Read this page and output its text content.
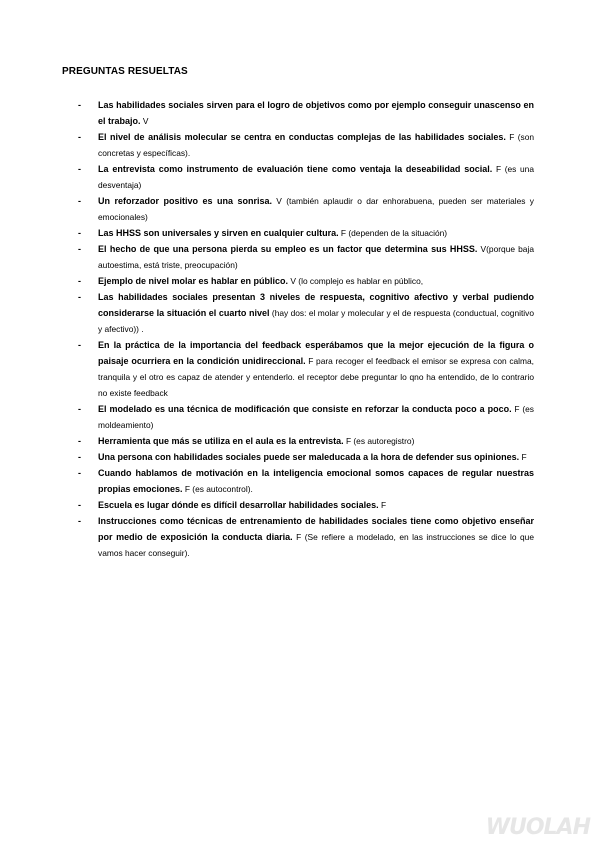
PREGUNTAS RESUELTAS
- Las habilidades sociales sirven para el logro de objetivos como por ejemplo conseguir unascenso en el trabajo. V
- El nivel de análisis molecular se centra en conductas complejas de las habilidades sociales. F (son concretas y específicas).
- La entrevista como instrumento de evaluación tiene como ventaja la deseabilidad social. F (es una desventaja)
- Un reforzador positivo es una sonrisa. V (también aplaudir o dar enhorabuena, pueden ser materiales y emocionales)
- Las HHSS son universales y sirven en cualquier cultura. F (dependen de la situación)
- El hecho de que una persona pierda su empleo es un factor que determina sus HHSS. V(porque baja autoestima, está triste, preocupación)
- Ejemplo de nivel molar es hablar en público. V (lo complejo es hablar en público,
- Las habilidades sociales presentan 3 niveles de respuesta, cognitivo afectivo y verbal pudiendo considerarse la situación el cuarto nivel (hay dos: el molar y molecular y el de respuesta (conductual, cognitivo y afectivo)) .
- En la práctica de la importancia del feedback esperábamos que la mejor ejecución de la figura o paisaje ocurriera en la condición unidireccional. F para recoger el feedback el emisor se expresa con calma, tranquila y el otro es capaz de atender y entenderlo. el receptor debe preguntar lo qno ha entendido, de lo contrario no existe feedback
- El modelado es una técnica de modificación que consiste en reforzar la conducta poco a poco. F (es moldeamiento)
- Herramienta que más se utiliza en el aula es la entrevista. F (es autoregistro)
- Una persona con habilidades sociales puede ser maleducada a la hora de defender sus opiniones. F
- Cuando hablamos de motivación en la inteligencia emocional somos capaces de regular nuestras propias emociones. F (es autocontrol).
- Escuela es lugar dónde es difícil desarrollar habilidades sociales. F
- Instrucciones como técnicas de entrenamiento de habilidades sociales tiene como objetivo enseñar por medio de exposición la conducta diaria. F (Se refiere a modelado, en las instrucciones se dice lo que vamos hacer conseguir).
WUOLAH
